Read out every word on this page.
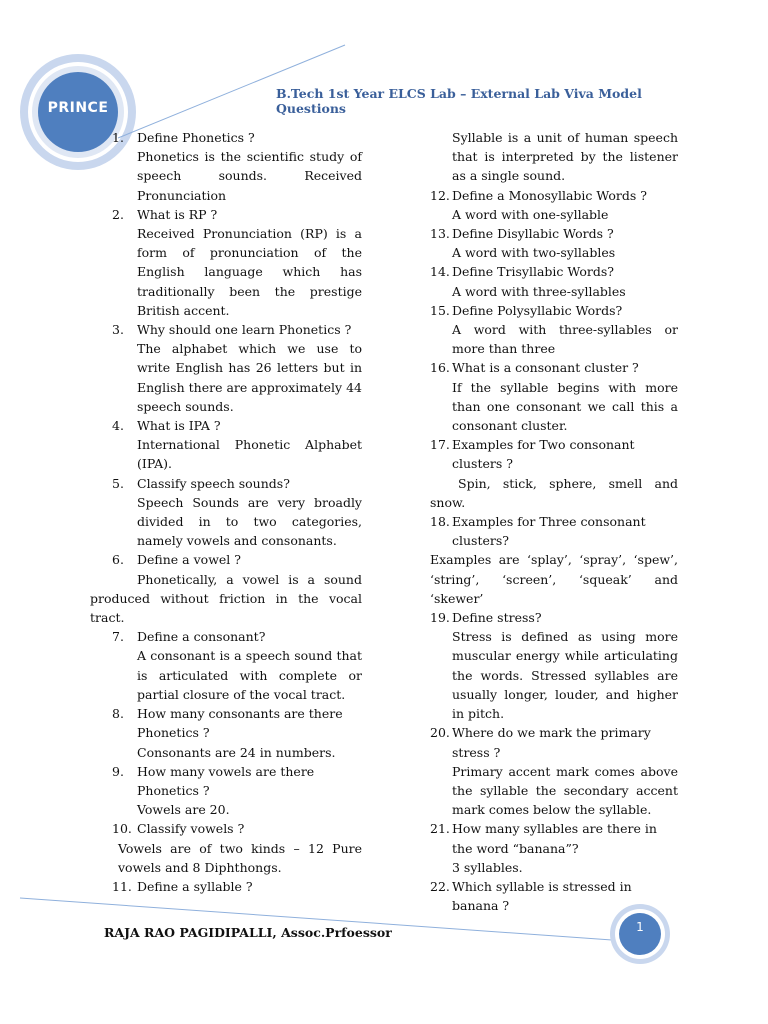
PRINCE
B.Tech 1st Year ELCS Lab – External Lab Viva Model Questions
1. Define Phonetics ?
Phonetics is the scientific study of speech sounds. Received Pronunciation
2. What is RP ?
Received Pronunciation (RP) is a form of pronunciation of the English language which has traditionally been the prestige British accent.
3. Why should one learn Phonetics ?
The alphabet which we use to write English has 26 letters but in English there are approximately 44 speech sounds.
4. What is IPA ?
International Phonetic Alphabet (IPA).
5. Classify speech sounds?
Speech Sounds are very broadly divided in to two categories, namely vowels and consonants.
6. Define a vowel ?
Phonetically, a vowel is a sound produced without friction in the vocal tract.
7. Define a consonant?
A consonant is a speech sound that is articulated with complete or partial closure of the vocal tract.
8. How many consonants are there Phonetics ?
Consonants are 24 in numbers.
9. How many vowels are there Phonetics ?
Vowels are 20.
10. Classify vowels ?
Vowels are of two kinds – 12 Pure vowels and 8 Diphthongs.
11. Define a syllable ?
Syllable is a unit of human speech that is interpreted by the listener as a single sound.
12. Define a Monosyllabic Words ?
A word with one-syllable
13. Define Disyllabic Words ?
A word with two-syllables
14. Define Trisyllabic Words?
A word with three-syllables
15. Define Polysyllabic Words?
A word with three-syllables or more than three
16. What is a consonant cluster ?
If the syllable begins with more than one consonant we call this a consonant cluster.
17. Examples for Two consonant clusters ?
Spin, stick, sphere, smell and snow.
18. Examples for Three consonant clusters?
Examples are ‘splay’, ‘spray’, ‘spew’, ‘string’, ‘screen’, ‘squeak’ and ‘skewer’
19. Define stress?
Stress is defined as using more muscular energy while articulating the words. Stressed syllables are usually longer, louder, and higher in pitch.
20. Where do we mark the primary stress ?
Primary accent mark comes above the syllable the secondary accent mark comes below the syllable.
21. How many syllables are there in the word “banana”?
3 syllables.
22. Which syllable is stressed in banana ?
RAJA RAO PAGIDIPALLI, Assoc.Prfoessor	1
